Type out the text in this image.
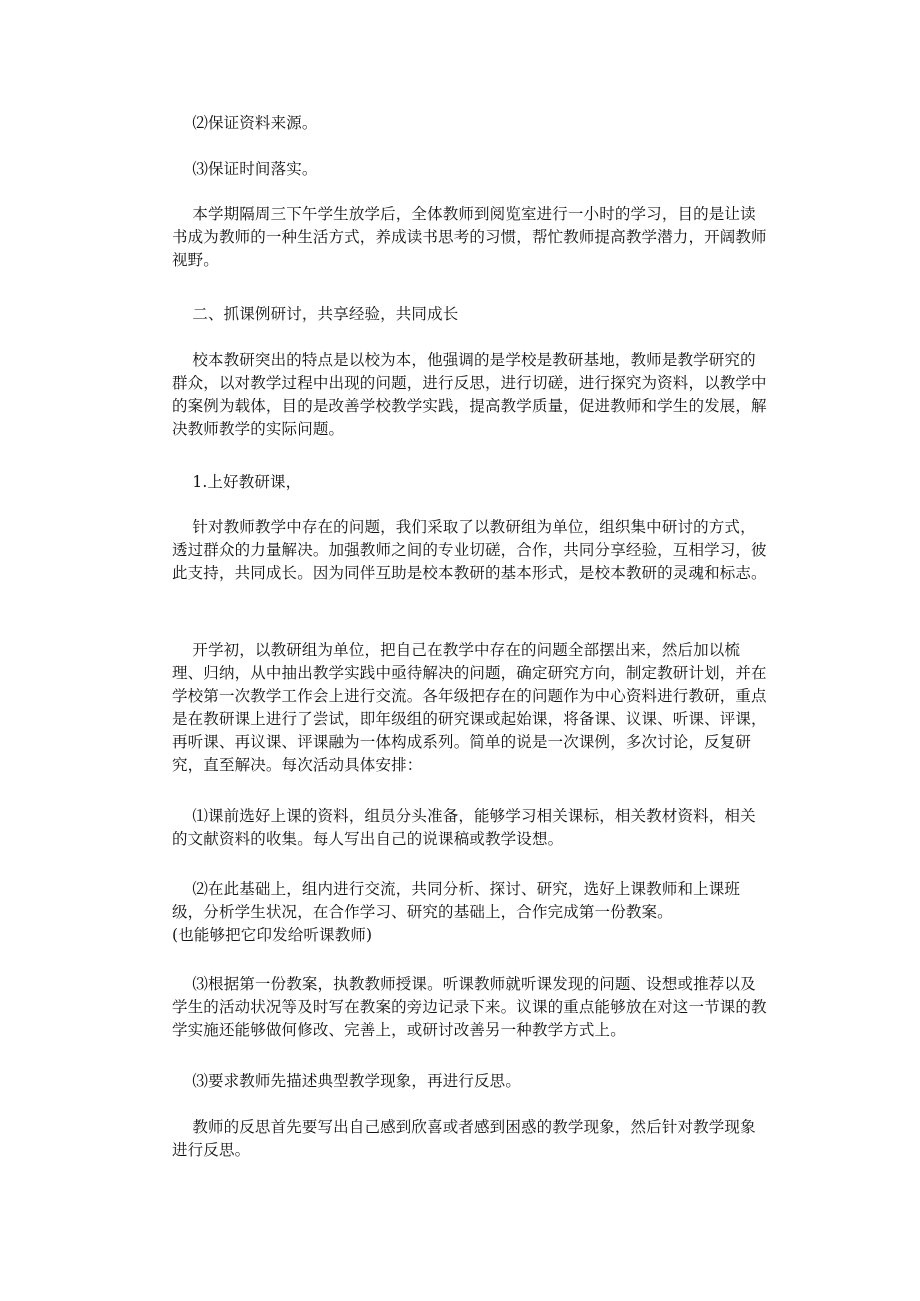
⑵保证资料来源。

⑶保证时间落实。

本学期隔周三下午学生放学后，全体教师到阅览室进行一小时的学习，目的是让读书成为教师的一种生活方式，养成读书思考的习惯，帮忙教师提高教学潜力，开阔教师视野。

二、抓课例研讨，共享经验，共同成长

校本教研突出的特点是以校为本，他强调的是学校是教研基地，教师是教学研究的群众，以对教学过程中出现的问题，进行反思，进行切磋，进行探究为资料，以教学中的案例为载体，目的是改善学校教学实践，提高教学质量，促进教师和学生的发展，解决教师教学的实际问题。

1.上好教研课，

针对教师教学中存在的问题，我们采取了以教研组为单位，组织集中研讨的方式，透过群众的力量解决。加强教师之间的专业切磋，合作，共同分享经验，互相学习，彼此支持，共同成长。因为同伴互助是校本教研的基本形式，是校本教研的灵魂和标志。

开学初，以教研组为单位，把自己在教学中存在的问题全部摆出来，然后加以梳理、归纳，从中抽出教学实践中亟待解决的问题，确定研究方向，制定教研计划，并在学校第一次教学工作会上进行交流。各年级把存在的问题作为中心资料进行教研，重点是在教研课上进行了尝试，即年级组的研究课或起始课，将备课、议课、听课、评课，再听课、再议课、评课融为一体构成系列。简单的说是一次课例，多次讨论，反复研究，直至解决。每次活动具体安排：

⑴课前选好上课的资料，组员分头准备，能够学习相关课标，相关教材资料，相关的文献资料的收集。每人写出自己的说课稿或教学设想。

⑵在此基础上，组内进行交流，共同分析、探讨、研究，选好上课教师和上课班级，分析学生状况，在合作学习、研究的基础上，合作完成第一份教案。
(也能够把它印发给听课教师)

⑶根据第一份教案，执教教师授课。听课教师就听课发现的问题、设想或推荐以及学生的活动状况等及时写在教案的旁边记录下来。议课的重点能够放在对这一节课的教学实施还能够做何修改、完善上，或研讨改善另一种教学方式上。

⑶要求教师先描述典型教学现象，再进行反思。

教师的反思首先要写出自己感到欣喜或者感到困惑的教学现象，然后针对教学现象进行反思。
